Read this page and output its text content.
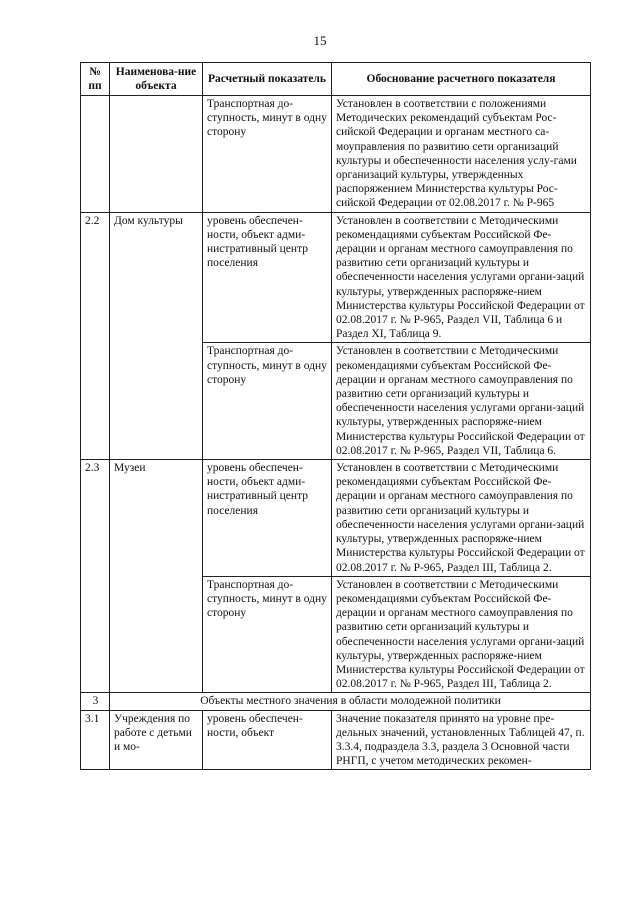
15
№ пп	Наименова-ние объекта	Расчетный показатель	Обоснование расчетного показателя
		Транспортная до-ступность, минут в одну сторону	Установлен в соответствии с положениями Методических рекомендаций субъектам Рос-сийской Федерации и органам местного са-моуправления по развитию сети организаций культуры и обеспеченности населения услу-гами организаций культуры, утвержденных распоряжением Министерства культуры Рос-сийской Федерации от 02.08.2017 г. № Р-965
2.2	Дом культуры	уровень обеспечен-ности, объект адми-нистративный центр поселения	Установлен в соответствии с Методическими рекомендациями субъектам Российской Фе-дерации и органам местного самоуправления по развитию сети организаций культуры и обеспеченности населения услугами органи-заций культуры, утвержденных распоряже-нием Министерства культуры Российской Федерации от 02.08.2017 г. № Р-965, Раздел VII, Таблица 6 и Раздел XI, Таблица 9.
		Транспортная до-ступность, минут в одну сторону	Установлен в соответствии с Методическими рекомендациями субъектам Российской Фе-дерации и органам местного самоуправления по развитию сети организаций культуры и обеспеченности населения услугами органи-заций культуры, утвержденных распоряже-нием Министерства культуры Российской Федерации от 02.08.2017 г. № Р-965, Раздел VII, Таблица 6.
2.3	Музеи	уровень обеспечен-ности, объект адми-нистративный центр поселения	Установлен в соответствии с Методическими рекомендациями субъектам Российской Фе-дерации и органам местного самоуправления по развитию сети организаций культуры и обеспеченности населения услугами органи-заций культуры, утвержденных распоряже-нием Министерства культуры Российской Федерации от 02.08.2017 г. № Р-965, Раздел III, Таблица 2.
		Транспортная до-ступность, минут в одну сторону	Установлен в соответствии с Методическими рекомендациями субъектам Российской Фе-дерации и органам местного самоуправления по развитию сети организаций культуры и обеспеченности населения услугами органи-заций культуры, утвержденных распоряже-нием Министерства культуры Российской Федерации от 02.08.2017 г. № Р-965, Раздел III, Таблица 2.
3	Объекты местного значения в области молодежной политики		
3.1	Учреждения по работе с детьми и мо-	уровень обеспечен-ности, объект	Значение показателя принято на уровне пре-дельных значений, установленных Таблицей 47, п. 3.3.4, подраздела 3.3, раздела 3 Основной части РНГП, с учетом методических рекомен-
